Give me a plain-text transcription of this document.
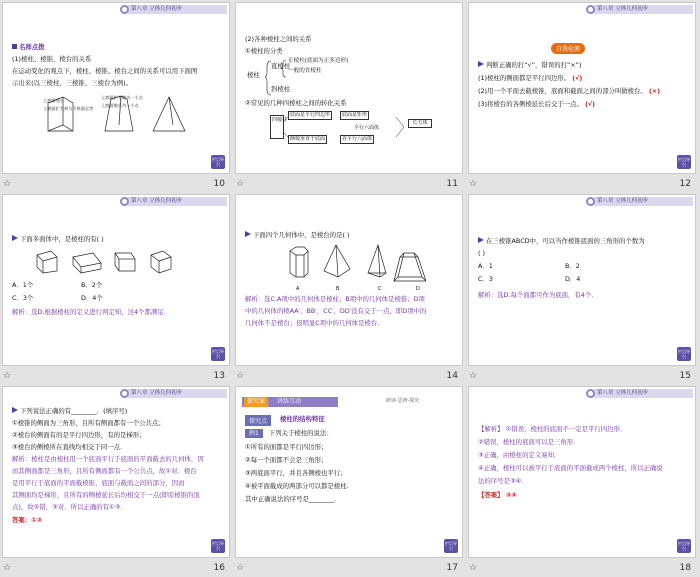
第八章 立体几何初步
名师点拨
(1)棱柱、棱锥、棱台的关系
在运动变化的观点下，棱柱、棱锥、棱台之间的关系可以用下面图
示出来(以三棱柱、三棱锥、三棱台为例)。
上底面变小
上底面扩大缩为一个点
上底面扩大到与下底面全等
上底面缩小为一个点
栏目导引
☆	10
(2)各种棱柱之间的关系
①棱柱的分类
棱柱
直棱柱
正棱柱(底面为正多边形)
一般的直棱柱
斜棱柱
②常见的几种四棱柱之间的转化关系
四棱柱
底面是平行四边形
侧棱垂直于底面
底面是矩形
直平行六面体
长方体
平行六面体
☆	11
第八章 立体几何初步
自我检测
判断正确的打“√”，错误的打“×”)
(1)棱柱的侧面都是平行四边形。 (√)
(2)用一个平面去截棱锥，底面和截面之间的部分叫做棱台。 (×)
(3)将棱台的各侧棱延长后交于一点。 (√)
栏目导引
☆	12
第八章 立体几何初步
下面多面体中，是棱柱的有( )
A．1个	B．2个
C．3个	D．4个
解析：选D.根据棱柱的定义进行判定知，这4个都满足.
栏目导引
☆	13
下面四个几何体中，是棱台的是( )
A	B	C	D
解析：选C.A项中的几何体是棱柱；B项中的几何体是棱锥；D项
中的几何体的棱AA′，BB′，CC′，DD′没有交于一点，即D项中的
几何体不是棱台；很明显C项中的几何体是棱台.
☆	14
第八章 立体几何初步
在三棱锥ABCD中，可以当作棱锥底面的三角形的个数为
( )
A．1	B．2
C．3	D．4
解析：选D.每个面都可作为底面，有4个.
栏目导引
☆	15
第八章 立体几何初步
下列说法正确的有________．(填序号)
①棱锥的侧面为三角形，且所有侧面都有一个公共点；
②棱台的侧面有的是平行四边形，有的是梯形；
③棱台的侧棱所在直线均相交于同一点．
解析：棱柱是由棱柱用一个底面平行于底面的平面截去的几何体，因
而其侧面都是三角形，且所有侧面都有一个公共点，故①对．棱台
是用平行于底面的平面截棱锥，底面与截面之间的部分，因而
其侧面均是梯形，且所有的侧棱延长后均相交于一点(即原棱锥的顶
点)，故②错，③对．所以正确的有①③．
答案：①③
栏目导引
☆	16
探究案	讲练互动	研读·思辨·探究
探究点	棱柱的结构特征
例1 下列关于棱柱的说法：
①所有的面都是平行四边形；
②每一个面都不会是三角形；
③两底面平行，并且各侧棱也平行；
④被平面截成的两部分可以都是棱柱.
其中正确说法的序号是________．
栏目导引
☆	17
第八章 立体几何初步
【解析】 ①错误，棱柱的底面不一定是平行四边形．
②错误，棱柱的底面可以是三角形．
③正确，由棱柱的定义易知．
④正确，棱柱可以被平行于底面的平面截成两个棱柱，所以正确说
法的序号是③④．
【答案】 ③④
栏目导引
☆	18
